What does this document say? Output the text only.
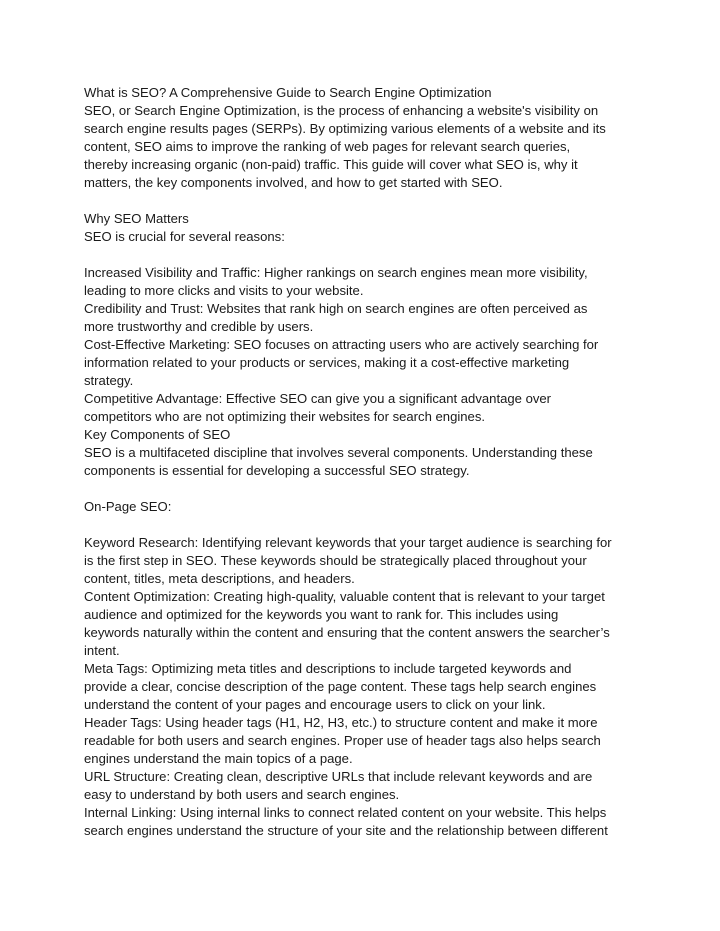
What is SEO? A Comprehensive Guide to Search Engine Optimization
SEO, or Search Engine Optimization, is the process of enhancing a website's visibility on
search engine results pages (SERPs). By optimizing various elements of a website and its
content, SEO aims to improve the ranking of web pages for relevant search queries,
thereby increasing organic (non-paid) traffic. This guide will cover what SEO is, why it
matters, the key components involved, and how to get started with SEO.
Why SEO Matters
SEO is crucial for several reasons:
Increased Visibility and Traffic: Higher rankings on search engines mean more visibility,
leading to more clicks and visits to your website.
Credibility and Trust: Websites that rank high on search engines are often perceived as
more trustworthy and credible by users.
Cost-Effective Marketing: SEO focuses on attracting users who are actively searching for
information related to your products or services, making it a cost-effective marketing
strategy.
Competitive Advantage: Effective SEO can give you a significant advantage over
competitors who are not optimizing their websites for search engines.
Key Components of SEO
SEO is a multifaceted discipline that involves several components. Understanding these
components is essential for developing a successful SEO strategy.
On-Page SEO:
Keyword Research: Identifying relevant keywords that your target audience is searching for
is the first step in SEO. These keywords should be strategically placed throughout your
content, titles, meta descriptions, and headers.
Content Optimization: Creating high-quality, valuable content that is relevant to your target
audience and optimized for the keywords you want to rank for. This includes using
keywords naturally within the content and ensuring that the content answers the searcher’s
intent.
Meta Tags: Optimizing meta titles and descriptions to include targeted keywords and
provide a clear, concise description of the page content. These tags help search engines
understand the content of your pages and encourage users to click on your link.
Header Tags: Using header tags (H1, H2, H3, etc.) to structure content and make it more
readable for both users and search engines. Proper use of header tags also helps search
engines understand the main topics of a page.
URL Structure: Creating clean, descriptive URLs that include relevant keywords and are
easy to understand by both users and search engines.
Internal Linking: Using internal links to connect related content on your website. This helps
search engines understand the structure of your site and the relationship between different
